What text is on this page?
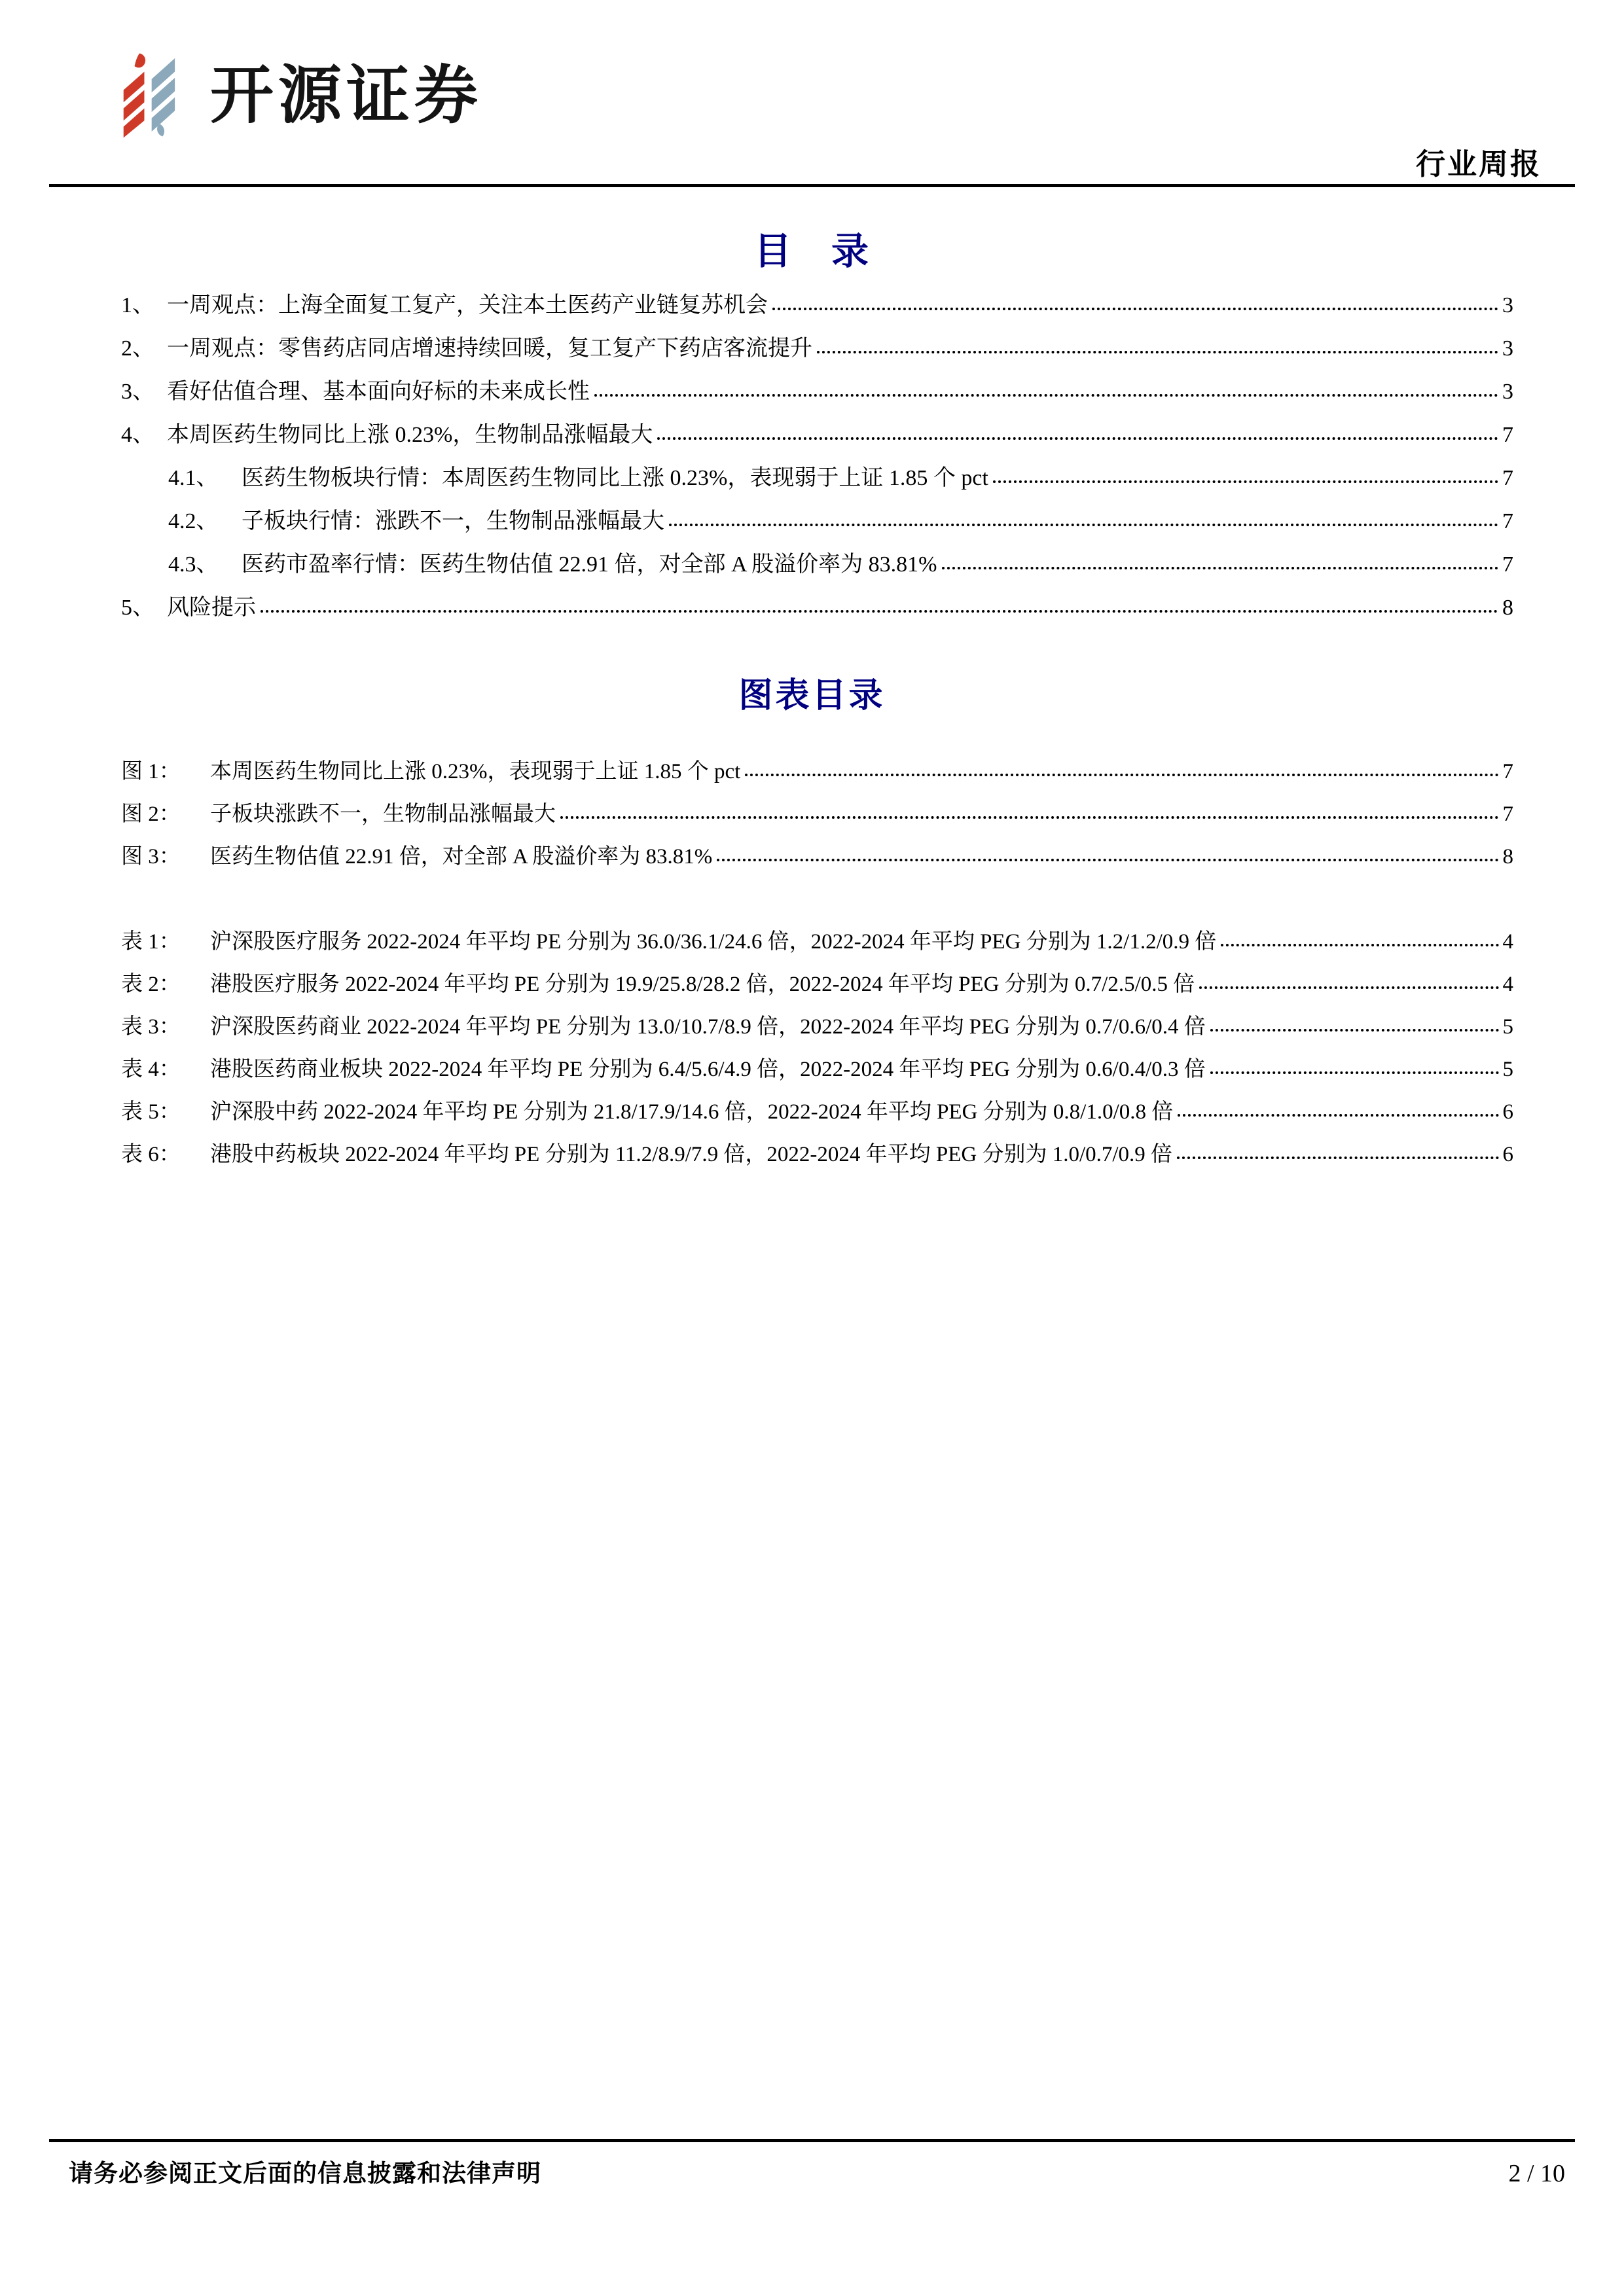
开源证券
行业周报
目　录
1、 一周观点：上海全面复工复产，关注本土医药产业链复苏机会	3
2、 一周观点：零售药店同店增速持续回暖，复工复产下药店客流提升	3
3、 看好估值合理、基本面向好标的未来成长性	3
4、 本周医药生物同比上涨 0.23%，生物制品涨幅最大	7
4.1、	医药生物板块行情：本周医药生物同比上涨 0.23%，表现弱于上证 1.85 个 pct	7
4.2、	子板块行情：涨跌不一，生物制品涨幅最大	7
4.3、	医药市盈率行情：医药生物估值 22.91 倍，对全部 A 股溢价率为 83.81%	7
5、 风险提示	8
图表目录
图 1：	本周医药生物同比上涨 0.23%，表现弱于上证 1.85 个 pct	7
图 2：	子板块涨跌不一，生物制品涨幅最大	7
图 3：	医药生物估值 22.91 倍，对全部 A 股溢价率为 83.81%	8
表 1：	沪深股医疗服务 2022-2024 年平均 PE 分别为 36.0/36.1/24.6 倍，2022-2024 年平均 PEG 分别为 1.2/1.2/0.9 倍	4
表 2：	港股医疗服务 2022-2024 年平均 PE 分别为 19.9/25.8/28.2 倍，2022-2024 年平均 PEG 分别为 0.7/2.5/0.5 倍	4
表 3：	沪深股医药商业 2022-2024 年平均 PE 分别为 13.0/10.7/8.9 倍，2022-2024 年平均 PEG 分别为 0.7/0.6/0.4 倍	5
表 4：	港股医药商业板块 2022-2024 年平均 PE 分别为 6.4/5.6/4.9 倍，2022-2024 年平均 PEG 分别为 0.6/0.4/0.3 倍	5
表 5：	沪深股中药 2022-2024 年平均 PE 分别为 21.8/17.9/14.6 倍，2022-2024 年平均 PEG 分别为 0.8/1.0/0.8 倍	6
表 6：	港股中药板块 2022-2024 年平均 PE 分别为 11.2/8.9/7.9 倍，2022-2024 年平均 PEG 分别为 1.0/0.7/0.9 倍	6
请务必参阅正文后面的信息披露和法律声明	2 / 10
